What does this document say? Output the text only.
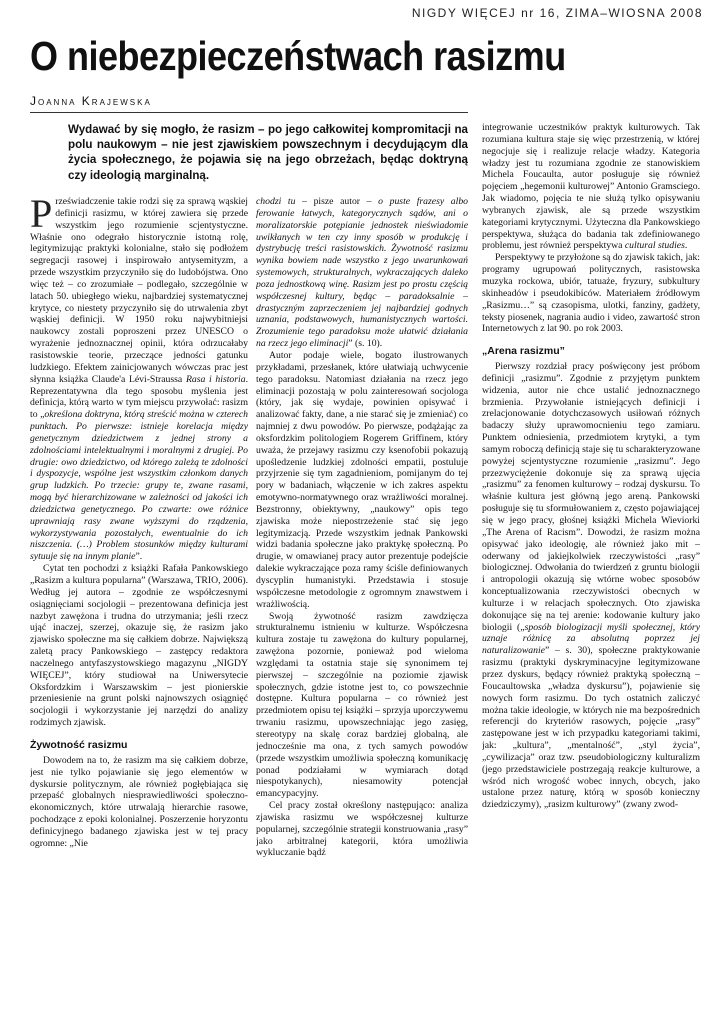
NIGDY WIĘCEJ nr 16, ZIMA–WIOSNA 2008
O niebezpieczeństwach rasizmu
Joanna Krajewska
Wydawać by się mogło, że rasizm – po jego całkowitej kompromitacji na polu naukowym – nie jest zjawiskiem powszechnym i decydującym dla życia społecznego, że pojawia się na jego obrzeżach, będąc doktryną czy ideologią marginalną.

Przeświadczenie takie rodzi się za sprawą wąskiej definicji rasizmu, w której zawiera się przede wszystkim jego rozumienie scjentystyczne. Właśnie ono odegrało historycznie istotną rolę, legitymizując praktyki kolonialne, stało się podłożem segregacji rasowej i inspirowało antysemityzm, a przede wszystkim przyczyniło się do ludobójstwa. Ono więc też – co zrozumiałe – podlegało, szczególnie w latach 50. ubiegłego wieku, najbardziej systematycznej krytyce, co niestety przyczyniło się do utrwalenia zbyt wąskiej definicji. W 1950 roku najwybitniejsi naukowcy zostali poproszeni przez UNESCO o wyrażenie jednoznacznej opinii, która odrzucałaby rasistowskie teorie, przeczące jedności gatunku ludzkiego. Efektem zainicjowanych wówczas prac jest słynna książka Claude'a Lévi-Straussa Rasa i historia. Reprezentatywna dla tego sposobu myślenia jest definicja, którą warto w tym miejscu przywołać: rasizm to „określona doktryna, którą streścić można w czterech punktach. Po pierwsze: istnieje korelacja między genetycznym dziedzictwem z jednej strony a zdolnościami intelektualnymi i moralnymi z drugiej. Po drugie: owo dziedzictwo, od którego zależą te zdolności i dyspozycje, wspólne jest wszystkim członkom danych grup ludzkich. Po trzecie: grupy te, zwane rasami, mogą być hierarchizowane w zależności od jakości ich dziedzictwa genetycznego. Po czwarte: owe różnice uprawniają rasy zwane wyższymi do rządzenia, wykorzystywania pozostałych, ewentualnie do ich niszczenia. (…) Problem stosunków między kulturami sytuuje się na innym planie”.

Cytat ten pochodzi z książki Rafała Pankowskiego „Rasizm a kultura popularna” (Warszawa, TRIO, 2006). Według jej autora – zgodnie ze współczesnymi osiągnięciami socjologii – prezentowana definicja jest nazbyt zawężona i trudna do utrzymania; jeśli rzecz ująć inaczej, szerzej, okazuje się, że rasizm jako zjawisko społeczne ma się całkiem dobrze. Największą zaletą pracy Pankowskiego – zastępcy redaktora naczelnego antyfaszystowskiego magazynu „NIGDY WIĘCEJ”, który studiował na Uniwersytecie Oksfordzkim i Warszawskim – jest pionierskie przeniesienie na grunt polski najnowszych osiągnięć socjologii i wykorzystanie jej narzędzi do analizy rodzimych zjawisk.

Żywotność rasizmu

Dowodem na to, że rasizm ma się całkiem dobrze, jest nie tylko pojawianie się jego elementów w dyskursie politycznym, ale również pogłębiająca się przepaść globalnych niesprawiedliwości społeczno-ekonomicznych, które utrwalają hierarchie rasowe, pochodzące z epoki kolonialnej. Poszerzenie horyzontu definicyjnego badanego zjawiska jest w tej pracy ogromne: „Nie

chodzi tu – pisze autor – o puste frazesy albo ferowanie łatwych, kategorycznych sądów, ani o moralizatorskie potępianie jednostek nieświadomie uwikłanych w ten czy inny sposób w produkcję i dystrybucję treści rasistowskich. Żywotność rasizmu wynika bowiem nade wszystko z jego uwarunkowań systemowych, strukturalnych, wykraczających daleko poza jednostkową winę. Rasizm jest po prostu częścią współczesnej kultury, będąc – paradoksalnie – drastyczným zaprzeczeniem jej najbardziej godnych uznania, podstawowych, humanistycznych wartości. Zrozumienie tego paradoksu może ułatwić działania na rzecz jego eliminacji” (s. 10).

Autor podaje wiele, bogato ilustrowanych przykładami, przesłanek, które ułatwiają uchwycenie tego paradoksu. Natomiast działania na rzecz jego eliminacji pozostają w polu zainteresowań socjologa (który, jak się wydaje, powinien opisywać i analizować fakty, dane, a nie starać się je zmieniać) co najmniej z dwu powodów. Po pierwsze, podążając za oksfordzkim politologiem Rogerem Griffinem, który uważa, że przejawy rasizmu czy ksenofobii pokazują upośledzenie ludzkiej zdolności empatii, postuluje przyjrzenie się tym zagadnieniom, pomijanym do tej pory w badaniach, włączenie w ich zakres aspektu emotywno-normatywnego oraz wrażliwości moralnej. Bezstronny, obiektywny, „naukowy” opis tego zjawiska może niepostrzeżenie stać się jego legitymizacją. Przede wszystkim jednak Pankowski widzi badania społeczne jako praktykę społeczną. Po drugie, w omawianej pracy autor prezentuje podejście dalekie wykraczające poza ramy ściśle definiowanych dyscyplin humanistyki. Przedstawia i stosuje współczesne metodologie z ogromnym znawstwem i wrażliwością.

Swoją żywotność rasizm zawdzięcza strukturalnemu istnieniu w kulturze. Współczesna kultura zostaje tu zawężona do kultury popularnej, zawężona pozornie, ponieważ pod wieloma względami ta ostatnia staje się synonimem tej pierwszej – szczególnie na poziomie zjawisk społecznych, gdzie istotne jest to, co powszechnie dostępne. Kultura popularna – co również jest przedmiotem opisu tej książki – sprzyja uporczywemu trwaniu rasizmu, upowszechniając jego zasięg, stereotypy na skalę coraz bardziej globalną, ale jednocześnie ma ona, z tych samych powodów (przede wszystkim umożliwia społeczną komunikację ponad podziałami w wymiarach dotąd niespotykanych), niesamowity potencjał emancypacyjny.

Cel pracy został określony następująco: analiza zjawiska rasizmu we współczesnej kulturze popularnej, szczególnie strategii konstruowania „rasy” jako arbitralnej kategorii, która umożliwia wykluczanie bądź

integrowanie uczestników praktyk kulturowych. Tak rozumiana kultura staje się więc przestrzenią, w której negocjuje się i realizuje relacje władzy. Kategoria władzy jest tu rozumiana zgodnie ze stanowiskiem Michela Foucaulta, autor posługuje się również pojęciem „hegemonii kulturowej” Antonio Gramsciego. Jak wiadomo, pojęcia te nie służą tylko opisywaniu wybranych zjawisk, ale są przede wszystkim kategoriami krytycznymi. Użyteczna dla Pankowskiego perspektywa, służąca do badania tak zdefiniowanego problemu, jest również perspektywa cultural studies.

Perspektywy te przyłożone są do zjawisk takich, jak: programy ugrupowań politycznych, rasistowska muzyka rockowa, ubiór, tatuaże, fryzury, subkultury skinheadów i pseudokibiców. Materiałem źródłowym „Rasizmu…” są czasopisma, ulotki, fanziny, gadżety, teksty piosenek, nagrania audio i video, zawartość stron Internetowych z lat 90. po rok 2003.

„Arena rasizmu”

Pierwszy rozdział pracy poświęcony jest próbom definicji „rasizmu”. Zgodnie z przyjętym punktem widzenia, autor nie chce ustalić jednoznacznego brzmienia. Przywołanie istniejących definicji i zrelacjonowanie dotychczasowych usiłowań różnych badaczy służy uprawomocnieniu tego zamiaru. Punktem odniesienia, przedmiotem krytyki, a tym samym roboczą definicją staje się tu scharakteryzowane powyżej scjentystyczne rozumienie „rasizmu”. Jego przezwyciężenie dokonuje się za sprawą ujęcia „rasizmu” za fenomen kulturowy – rodzaj dyskursu. To właśnie kultura jest główną jego areną. Pankowski posługuje się tu sformułowaniem z, często pojawiającej się w jego pracy, głośnej książki Michela Wieviorki „The Arena of Racism”. Dowodzi, że rasizm można opisywać jako ideologię, ale również jako mit – oderwany od jakiejkolwiek rzeczywistości „rasy” biologicznej. Odwołania do twierdzeń z gruntu biologii i antropologii okazują się wtórne wobec sposobów konceptualizowania rzeczywistości obecnych w kulturze i w relacjach społecznych. Oto zjawiska dokonujące się na tej arenie: kodowanie kultury jako biologii („sposób biologizacji myśli społecznej, który uznaje różnicę za absolutną poprzez jej naturalizowanie” – s. 30), społeczne praktykowanie rasizmu (praktyki dyskryminacyjne legitymizowane przez dyskurs, będący również praktyką społeczną – Foucaultowska „władza dyskursu”), pojawienie się nowych form rasizmu. Do tych ostatnich zaliczyć można takie ideologie, w których nie ma bezpośrednich referencji do kryteriów rasowych, pojęcie „rasy” zastępowane jest w ich przypadku kategoriami takimi, jak: „kultura”, „mentalność”, „styl życia”, „cywilizacja” oraz tzw. pseudobiologiczny kulturalizm (jego przedstawiciele postrzegają reakcje kulturowe, a wśród nich wrogość wobec innych, obcych, jako ustalone przez naturę, którą w sposób konieczny dziedziczymy), „rasizm kulturowy” (zwany zwod-
